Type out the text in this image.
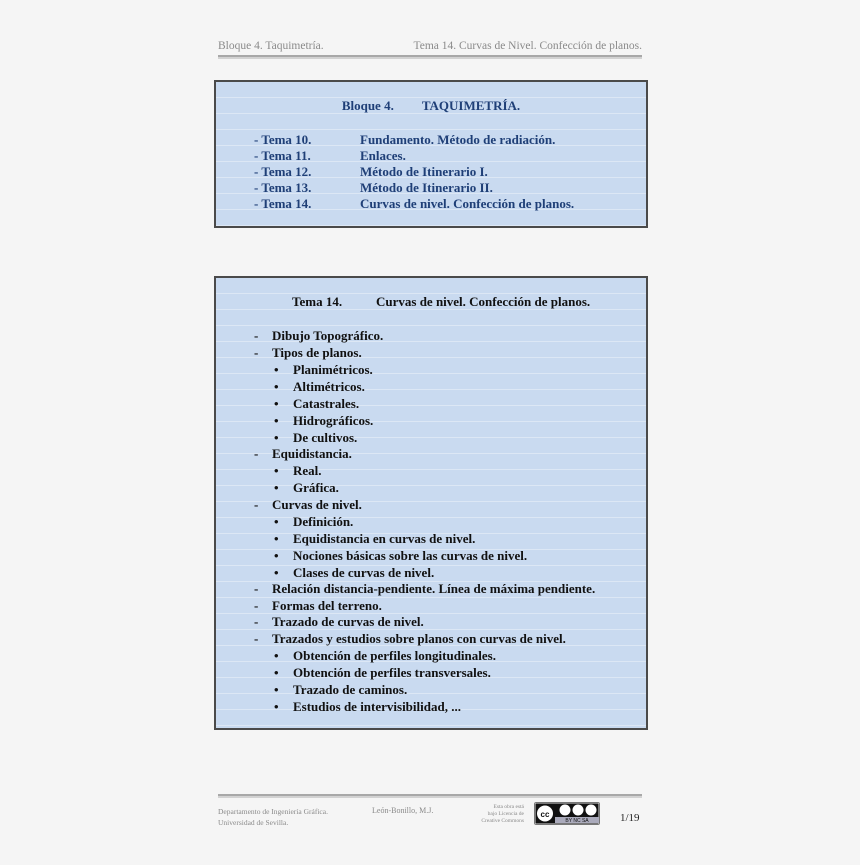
Bloque 4. Taquimetría.	Tema 14. Curvas de Nivel. Confección de planos.
Bloque 4. TAQUIMETRÍA.
- Tema 10.	Fundamento. Método de radiación.
- Tema 11.	Enlaces.
- Tema 12.	Método de Itinerario I.
- Tema 13.	Método de Itinerario II.
- Tema 14.	Curvas de nivel. Confección de planos.
Tema 14.	Curvas de nivel. Confección de planos.
- Dibujo Topográfico.
- Tipos de planos.
• Planimétricos.
• Altimétricos.
• Catastrales.
• Hidrográficos.
• De cultivos.
- Equidistancia.
• Real.
• Gráfica.
- Curvas de nivel.
• Definición.
• Equidistancia en curvas de nivel.
• Nociones básicas sobre las curvas de nivel.
• Clases de curvas de nivel.
- Relación distancia-pendiente. Línea de máxima pendiente.
- Formas del terreno.
- Trazado de curvas de nivel.
- Trazados y estudios sobre planos con curvas de nivel.
• Obtención de perfiles longitudinales.
• Obtención de perfiles transversales.
• Trazado de caminos.
• Estudios de intervisibilidad, ...
Departamento de Ingeniería Gráfica.
Universidad de Sevilla.
León-Bonillo, M.J.	Esta obra está
bajo Licencia de
Creative Commons
cc
BY NC SA	1/19
